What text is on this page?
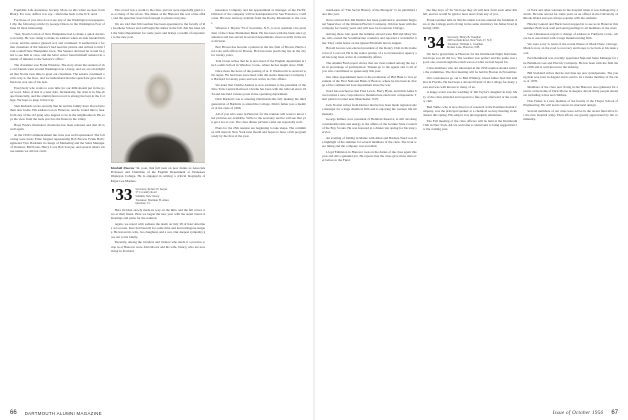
Equitable Life Assurance Society. More on this when we hear from Henry. For now, suffice it to say—Welcome back to the N.Y. area!

For those of you who do not see any of the Washington newspapers, I clip the following article by George Dixon, in the Washington Post of June 16 most interesting:

"Sen. Norris Cotton of New Hampshire had to make a quick decision recently. He was rising to make an address when an aide handed him a note, and the senator glanced at it and continued. It seemed that a former classmate of the Senator's had seen his picture and written to him from a small New Hampshire town. The Senator declared he would be glad to see him at once, and the letter writer found himself ushered in a matter of minutes to the Senator's office."

The classmate was Frank Winslow. The story about the reunion of the old friends went around Washington in a hurry, and we are all delighted that Norris took time to greet our classmate. The senator continued on his way to the floor, and we understand that the speech he gave that afternoon was one of his best.

Everybody who wants to save time for our 40th should put in the good word. More of this at a later date. Incidentally, the class is in fine shape financially, and the alumni fund record is among the best in the College. We hope to keep it that way.

Sam Richards wrote recently that he and his family have moved into their new home. His address is now Hanover, and he would like to hear from any of the old gang who happen to be in the neighborhood. He says the view from the back porch is the finest in the valley.

Hope Ernie's illustrated chronicles has been released and that all is well again.

At the 1956 Commencement the class was well represented. The following were back: Ernie Sargent representing Bob Brown, Frank Hall registered Vice President in charge of Marketing and the Sales Manager of Vermont, Bill Poole, Harry Lord, Bob Sawyer, and several others whose names we did not catch.

The crowd was a credit to the class, and we were especially glad to see so many of the wives. The dinner at the Hanover Inn was a fine affair, and the speeches were brief enough to please everyone.

We are told that Jim Gardner has been appointed to the faculty of the Graduate School and will begin his duties in the fall. Jim has been with the State Department for some years and brings a wealth of experience to the new post.

Kimball Flaccus '34, poet, this fall took on new duties as Associate Professor and Chairman of the English Department at Tennessee Wesleyan College. He is engaged in writing a critical biography of Edgar Lee Masters.
'33 Secretary, Robert W. Keyes
37 Coventry Road
Summit, New Jersey
Treasurer, Sherman H. Ames
Quechee, Vt.

Here October slowly made its way on the hills, and the fall colors were at their finest. Here we began the new year with the usual round of meetings and plans for the reunion.

Again, we report with sadness the death on July 28 of Kerr Atterbury at Laconia. Kerr had been ill for some time and had undergone surgery. He leaves his wife, two daughters and a son. Our deepest sympathy goes out to his family.

Recently, among the travelers and visitors who made it a practice to stop in at Hanover were John Moore and his wife, Nancy, who are now living in Portland.

insurance Company and his appointment as manager of the Pacific Division of the company will be headquartered in San Francisco, California. His new territory extends from the Rocky Mountains to the coast.

Wharton J. Bryant '33 of Scarsdale, N.Y., is now assistant vice president of the Chase Manhattan Bank. He has been with the bank since graduation and has served in several departments, most recently in the trust division.

Bob Brown has become a partner in the law firm of Brown, Harris and Cole with offices in Boston. Bob has been practicing law in the city for twenty years.

Tom Crane writes that he is now head of the English department at the Loomis School in Windsor, Conn., where he has taught since 1940.

Once more the news of the passing of A. P. Wadsworth is received with regret. He had been associated with the Aetna Insurance Company in Hartford for many years and was active in civic affairs.

We learn that Charlie Andrus is now assistant to the president of the New York Central Railroad. Charlie has been with the railroad since 1934 and has held various posts in the operating department.

Dick Bartlett's son is entering Dartmouth this fall, making the third generation of Bartletts to attend the College. Dick's father was a member of the class of 1906.

All of you who were in Hanover for the reunion will want to know that pictures are available. Write to the secretary and he will see that you get a set at cost. The class dinner pictures came out especially well.

Plans for the 25th reunion are beginning to take shape. The committee will meet in New York next month and hopes to have a full program ready by the first of the year.

66 DARTMOUTH ALUMNI MAGAZINE

translation of "The Secret History of the Mongols" to be published later this year.

News arrived that Jim Dunbar has been promoted to Assistant Regional Supervisor of the Western Electric Company. Jim has been with the company for twenty years and will now be located in Chicago.

Among those who spent the summer abroad were Bill and Mary Stone, who toured the Scandinavian countries and reported a wonderful time. They came home on the Queen Elizabeth late in August.

Harold Graves was elected president of the Rotary Club in his home town of Concord. He is the senior partner of a local insurance agency and has long been active in community affairs.

The Alumni Fund report shows that our class ranked among the top ten in percentage of participation. Thanks go to the agents and to all of you who contributed so generously this year.

Our other appointment news is the promotion of Phil Hunt to vice president of the First National Bank of Boston, where he has been in charge of the commercial loan department since the war.

Word has reached us that Fred Lewis, Barry Hyde, and Dick Ames have formed a new corporation to manufacture electronic components. Their plant is located near Manchester, N.H.

Jack Norton writes from Denver that he has been made regional sales manager for a large chemical firm and is enjoying the western life immensely.

George Kilmer, now president of Belmont Reserve, is still devoting considerable time and energy to the affairs of the Granite State Council of the Boy Scouts. He was honored at a dinner last spring for his long service.

An evening of fishing in Maine with Allen and Barbara Ward was the highlight of the summer for several members of the class. The trout were biting and the company was excellent.

Lloyd Edmiston in Hanover took on the duties of the class agent this year and did a splendid job. He reports that the class gave more than ever before to the Fund.

the fine boys of '34. We hope they all will hear from each other this fall, and we would be glad to have news from any of you.

Frank Gardner tells us that his eldest son has entered the freshman class at the College and is living in the same dormitory his father lived in during 1930.

'34 Secretary, Henry B. Vaughan
228 Gorham Road, New York 27, N.Y.
Treasurer, William L. Vaughan
Rolled Lane, Hanover, N.H.

We had a grand time at Hanover for the Dartmouth Night festivities, and hope you all did too. The weather was perfect and the game was a good one, even though the result was not what we had hoped for.

Class members who are interested in the 1959 reunion should write to the committee. The first meeting will be held in Boston in November.

Our condolences go out to Bud Whitney, whose father died this summer in Florida. He had been a devoted friend of the College for many years and was well known to many of us.

A happy event was the wedding of Jim Taylor's daughter in July. Many of the class attended and reported a fine party afterward at the country club.

Bud Tuttle, who is now director of research at the Eastman Kodak Company, was the principal speaker at a chemical society meeting in Rochester this spring. His subject was photographic emulsions.

The Fall meeting of the class officers will be held at the Dartmouth Club in New York. All are welcome to attend and to bring suggestions for the coming year.

of York and other veterans in the hospital when it was damaged by a storm. He later served for some years as an officer in the University of Rhode Island and was always popular with the students.

Hawley Gunzel and Buck Lund stopped in to see us in Hanover this summer. Both look well and send greetings to all members of the class.

Gus Christenson reports a change of address to Fairfield, Conn., where he is associated with a large manufacturing firm.

We were sorry to learn of the recent illness of Mark Drew, Chicago. Mark is now on the road to recovery and hopes to be back at his desk soon.

Ferd Reinhardt was recently appointed National Sales Manager for the Baltimore Gas and Electric Company. He has been with the firm since 1936 and is well known in the industry.

Bill Stoddard writes that he and Jane are now grandparents. The young man was born in August and is said to be a future member of the class of 1978.

Members of the class now living in the Hanover area gathered for a picnic at the home of Dick Morse in August. About thirty people attended, including wives and children.

Don Parker is a new member of the faculty at the Thayer School of Engineering. He will teach courses in structural design.

Several members of our class were active in the recent fund drive for the new hospital wing. Their efforts are greatly appreciated by the community.

Issue of October 1956 67
